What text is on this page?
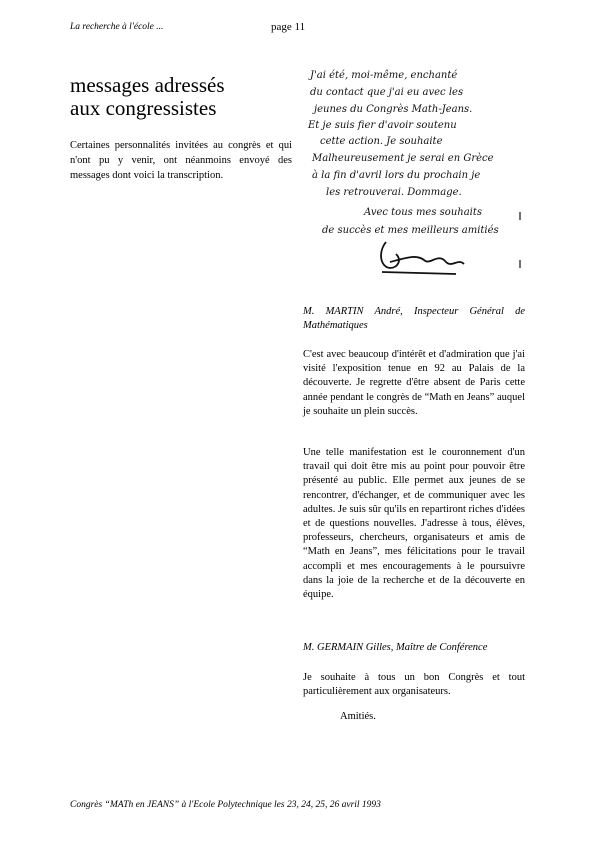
La recherche à l'école ...	page 11
messages adressés
aux congressistes
Certaines personnalités invitées au congrès et qui n'ont pu y venir, ont néanmoins envoyé des messages dont voici la transcription.
J'ai été, moi-même, enchanté
du contact que j'ai eu avec les
jeunes du Congrès Math-Jeans.
Et je suis fier d'avoir soutenu
cette action. Je souhaite
Malheureusement je serai en Grèce
à la fin d'avril lors du prochain je
les retrouverai. Dommage.
Avec tous mes souhaits
de succès et mes meilleurs amitiés
M. MARTIN André, Inspecteur Général de Mathématiques
C'est avec beaucoup d'intérêt et d'admiration que j'ai visité l'exposition tenue en 92 au Palais de la découverte. Je regrette d'être absent de Paris cette année pendant le congrès de “Math en Jeans” auquel je souhaite un plein succès.
Une telle manifestation est le couronnement d'un travail qui doit être mis au point pour pouvoir être présenté au public. Elle permet aux jeunes de se rencontrer, d'échanger, et de communiquer avec les adultes. Je suis sûr qu'ils en repartiront riches d'idées et de questions nouvelles. J'adresse à tous, élèves, professeurs, chercheurs, organisateurs et amis de “Math en Jeans”, mes félicitations pour le travail accompli et mes encouragements à le poursuivre dans la joie de la recherche et de la découverte en équipe.
M. GERMAIN Gilles, Maître de Conférence
Je souhaite à tous un bon Congrès et tout particulièrement aux organisateurs.
Amitiés.
Congrès “MATh en JEANS” à l'Ecole Polytechnique les 23, 24, 25, 26 avril 1993
